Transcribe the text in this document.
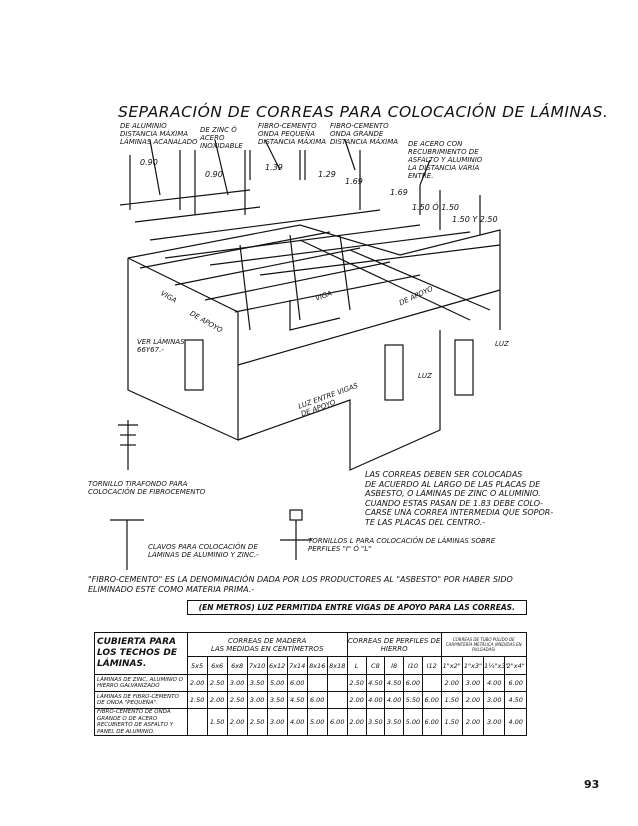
SEPARACIÓN DE CORREAS PARA COLOCACIÓN DE LÁMINAS.
DE ALUMINIO
DISTANCIA MÁXIMA
LÁMINAS ACANALADO
DE ZINC Ó
ACERO
INOXIDABLE
FIBRO-CEMENTO
ONDA PEQUEÑA
DISTANCIA MÁXIMA
FIBRO-CEMENTO
ONDA GRANDE
DISTANCIA MÁXIMA DE ACERO CON
RECUBRIMIENTO DE
ASFALTO Y ALUMINIO
LA DISTANCIA VARÍA
ENTRE.
0.90
0.90
1.39
1.29
1.69
1.69
1.50 Ó 1.50
1.50 Y 2.50
VIGA	VIGA
DE APOYO
DE APOYO
LUZ
LUZ
LUZ ENTRE VIGAS
DE APOYO
VER LÁMINAS
66Y67.-
TORNILLO TIRAFONDO PARA
COLOCACIÓN DE FIBROCEMENTO
LAS CORREAS DEBEN SER COLOCADAS
DE ACUERDO AL LARGO DE LAS PLACAS DE
ASBESTO, O LÁMINAS DE ZINC O ALUMINIO.
CUANDO ESTAS PASAN DE 1.83 DEBE COLO-
CARSE UNA CORREA INTERMEDIA QUE SOPOR-
TE LAS PLACAS DEL CENTRO.-
CLAVOS PARA COLOCACIÓN DE
LÁMINAS DE ALUMINIO Y ZINC.-
TORNILLOS L PARA COLOCACIÓN DE LÁMINAS SOBRE
PERFILES "I" Ó "L"
"FIBRO-CEMENTO" ES LA DENOMINACIÓN DADA POR LOS PRODUCTORES AL "ASBESTO" POR HABER SIDO
ELIMINADO ESTE COMO MATERIA PRIMA.-
	(EN METROS) LUZ PERMITIDA ENTRE VIGAS DE APOYO PARA LAS CORREAS.																

CUBIERTA PARA LOS TECHOS DE LÁMINAS.	CORREAS DE MADERA
LAS MEDIDAS EN CENTÍMETROS								CORREAS DE PERFILES DE HIERRO					CORREAS DE TUBO PULIDO DE CARPINTERÍA METÁLICA (MEDIDAS EN PULGADAS)			
	5x5	6x6	6x8	7x10	6x12	7x14	8x16	8x18	L	C8	I8	I10	I12	1"x2"	1"x3"	1¼"x3"	2"x4"
LÁMINAS DE ZINC, ALUMINIO O HIERRO GALVANIZADO	2.00	2.50	3.00	3.50	5.00	6.00			2.50	4.50	4.50	6.00		2.00	3.00	4.00	6.00
LÁMINAS DE FIBRO-CEMENTO DE ONDA "PEQUEÑA".	1.50	2.00	2.50	3.00	3.50	4.50	6.00		2.00	4.00	4.00	5.50	6.00	1.50	2.00	3.00	4.50
FIBRO-CEMENTO DE ONDA GRANDE O DE ACERO RECUBIERTO DE ASFALTO Y PANEL DE ALUMINIO.		1.50	2.00	2.50	3.00	4.00	5.00	6.00	2.00	3.50	3.50	5.00	6.00	1.50	2.00	3.00	4.00
93
